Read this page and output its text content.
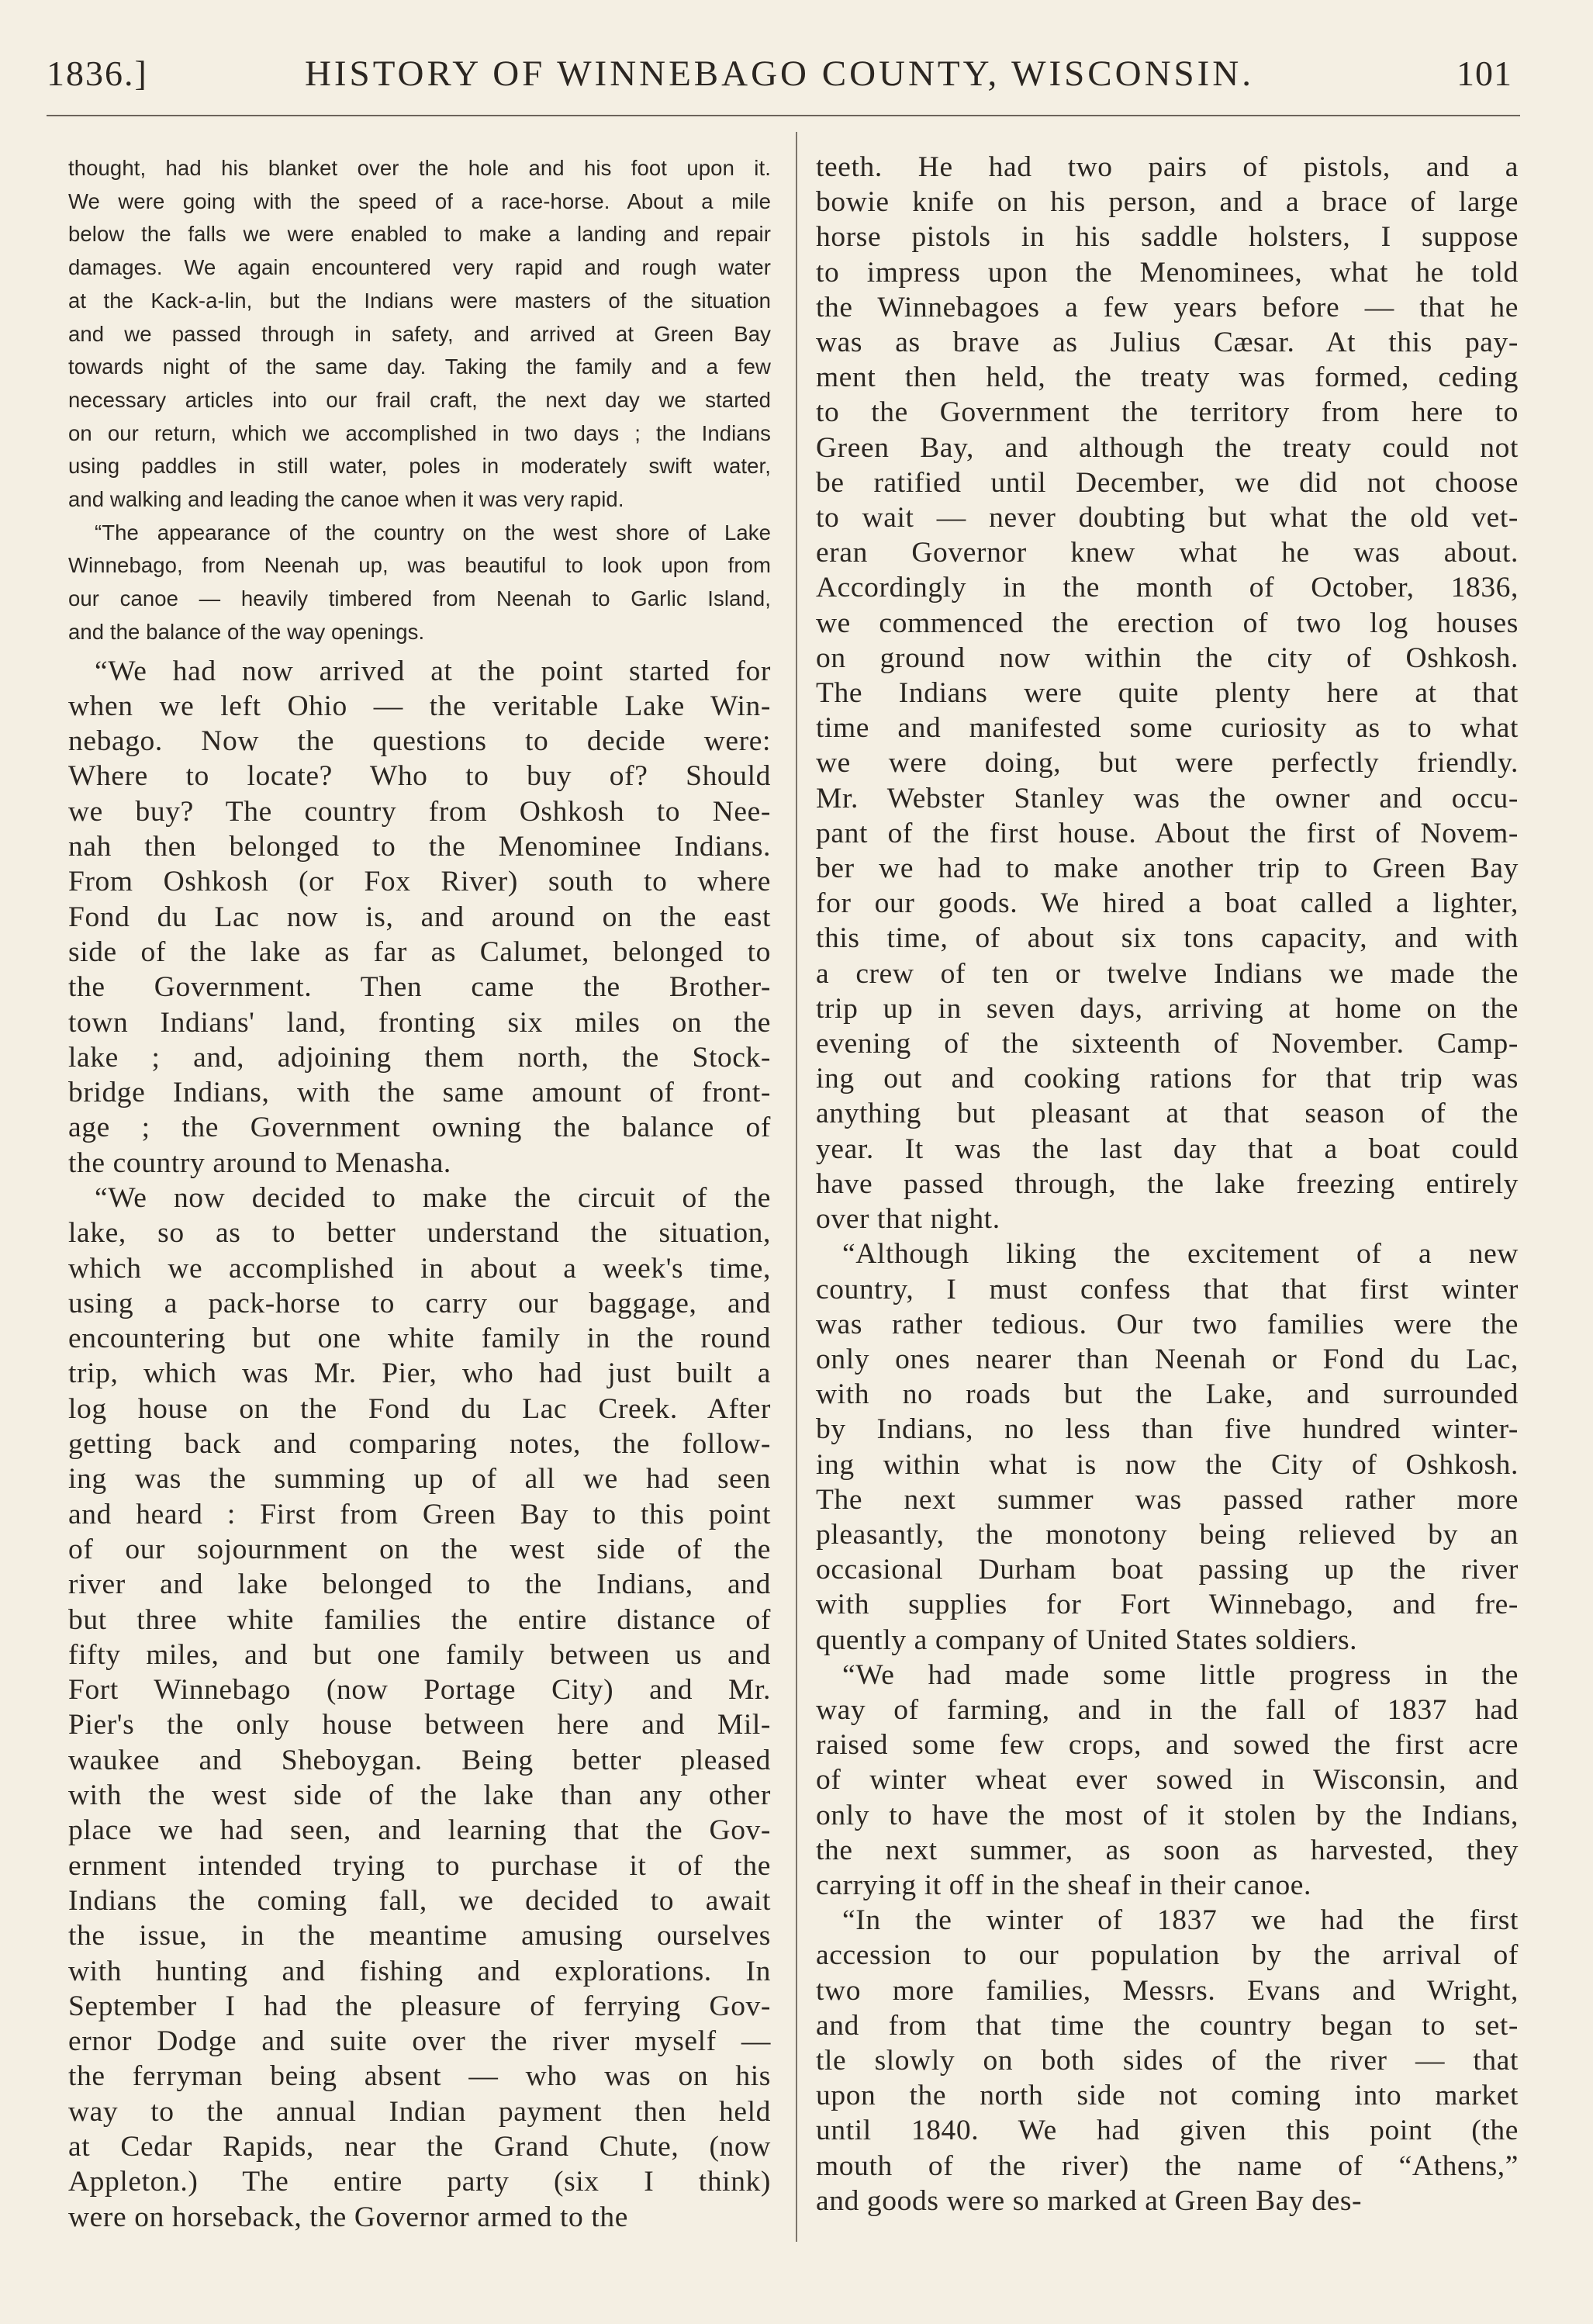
1836.]	HISTORY OF WINNEBAGO COUNTY, WISCONSIN.	101
thought, had his blanket over the hole and his foot upon it.
We were going with the speed of a race-horse. About a mile
below the falls we were enabled to make a landing and repair
damages. We again encountered very rapid and rough water
at the Kack-a-lin, but the Indians were masters of the situation
and we passed through in safety, and arrived at Green Bay
towards night of the same day. Taking the family and a few
necessary articles into our frail craft, the next day we started
on our return, which we accomplished in two days ; the Indians
using paddles in still water, poles in moderately swift water,
and walking and leading the canoe when it was very rapid.
“The appearance of the country on the west shore of Lake
Winnebago, from Neenah up, was beautiful to look upon from
our canoe — heavily timbered from Neenah to Garlic Island,
and the balance of the way openings.
“We had now arrived at the point started for
when we left Ohio — the veritable Lake Win-
nebago. Now the questions to decide were:
Where to locate? Who to buy of? Should
we buy? The country from Oshkosh to Nee-
nah then belonged to the Menominee Indians.
From Oshkosh (or Fox River) south to where
Fond du Lac now is, and around on the east
side of the lake as far as Calumet, belonged to
the Government. Then came the Brother-
town Indians' land, fronting six miles on the
lake ; and, adjoining them north, the Stock-
bridge Indians, with the same amount of front-
age ; the Government owning the balance of
the country around to Menasha.
“We now decided to make the circuit of the
lake, so as to better understand the situation,
which we accomplished in about a week's time,
using a pack-horse to carry our baggage, and
encountering but one white family in the round
trip, which was Mr. Pier, who had just built a
log house on the Fond du Lac Creek. After
getting back and comparing notes, the follow-
ing was the summing up of all we had seen
and heard : First from Green Bay to this point
of our sojournment on the west side of the
river and lake belonged to the Indians, and
but three white families the entire distance of
fifty miles, and but one family between us and
Fort Winnebago (now Portage City) and Mr.
Pier's the only house between here and Mil-
waukee and Sheboygan. Being better pleased
with the west side of the lake than any other
place we had seen, and learning that the Gov-
ernment intended trying to purchase it of the
Indians the coming fall, we decided to await
the issue, in the meantime amusing ourselves
with hunting and fishing and explorations. In
September I had the pleasure of ferrying Gov-
ernor Dodge and suite over the river myself —
the ferryman being absent — who was on his
way to the annual Indian payment then held
at Cedar Rapids, near the Grand Chute, (now
Appleton.) The entire party (six I think)
were on horseback, the Governor armed to the
teeth. He had two pairs of pistols, and a
bowie knife on his person, and a brace of large
horse pistols in his saddle holsters, I suppose
to impress upon the Menominees, what he told
the Winnebagoes a few years before — that he
was as brave as Julius Cæsar. At this pay-
ment then held, the treaty was formed, ceding
to the Government the territory from here to
Green Bay, and although the treaty could not
be ratified until December, we did not choose
to wait — never doubting but what the old vet-
eran Governor knew what he was about.
Accordingly in the month of October, 1836,
we commenced the erection of two log houses
on ground now within the city of Oshkosh.
The Indians were quite plenty here at that
time and manifested some curiosity as to what
we were doing, but were perfectly friendly.
Mr. Webster Stanley was the owner and occu-
pant of the first house. About the first of Novem-
ber we had to make another trip to Green Bay
for our goods. We hired a boat called a lighter,
this time, of about six tons capacity, and with
a crew of ten or twelve Indians we made the
trip up in seven days, arriving at home on the
evening of the sixteenth of November. Camp-
ing out and cooking rations for that trip was
anything but pleasant at that season of the
year. It was the last day that a boat could
have passed through, the lake freezing entirely
over that night.
“Although liking the excitement of a new
country, I must confess that that first winter
was rather tedious. Our two families were the
only ones nearer than Neenah or Fond du Lac,
with no roads but the Lake, and surrounded
by Indians, no less than five hundred winter-
ing within what is now the City of Oshkosh.
The next summer was passed rather more
pleasantly, the monotony being relieved by an
occasional Durham boat passing up the river
with supplies for Fort Winnebago, and fre-
quently a company of United States soldiers.
“We had made some little progress in the
way of farming, and in the fall of 1837 had
raised some few crops, and sowed the first acre
of winter wheat ever sowed in Wisconsin, and
only to have the most of it stolen by the Indians,
the next summer, as soon as harvested, they
carrying it off in the sheaf in their canoe.
“In the winter of 1837 we had the first
accession to our population by the arrival of
two more families, Messrs. Evans and Wright,
and from that time the country began to set-
tle slowly on both sides of the river — that
upon the north side not coming into market
until 1840. We had given this point (the
mouth of the river) the name of “Athens,”
and goods were so marked at Green Bay des-
